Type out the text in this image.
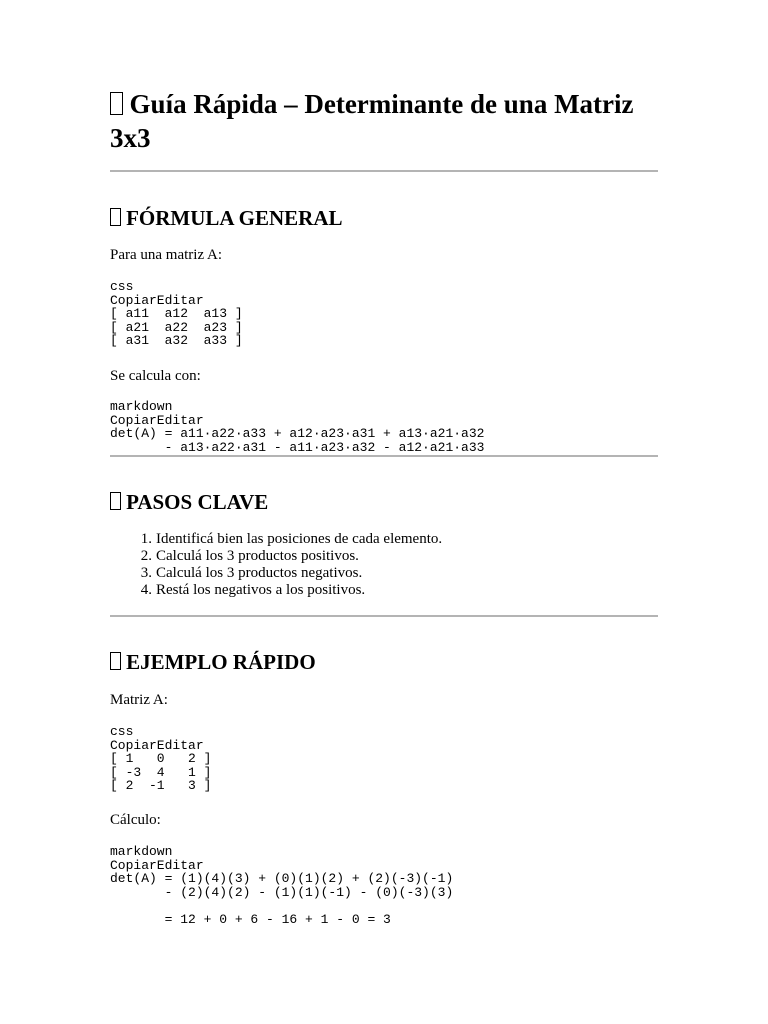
Guía Rápida – Determinante de una Matriz 3x3
FÓRMULA GENERAL

Para una matriz A:

css
CopiarEditar
[ a11  a12  a13 ]
[ a21  a22  a23 ]
[ a31  a32  a33 ]

Se calcula con:

markdown
CopiarEditar
det(A) = a11·a22·a33 + a12·a23·a31 + a13·a21·a32
- a13·a22·a31 - a11·a23·a32 - a12·a21·a33
PASOS CLAVE
1. Identificá bien las posiciones de cada elemento.
2. Calculá los 3 productos positivos.
3. Calculá los 3 productos negativos.
4. Restá los negativos a los positivos.
EJEMPLO RÁPIDO

Matriz A:

css
CopiarEditar
[ 1   0   2 ]
[ -3  4   1 ]
[ 2  -1   3 ]

Cálculo:

markdown
CopiarEditar
det(A) = (1)(4)(3) + (0)(1)(2) + (2)(-3)(-1)
- (2)(4)(2) - (1)(1)(-1) - (0)(-3)(3)

= 12 + 0 + 6 - 16 + 1 - 0 = 3
